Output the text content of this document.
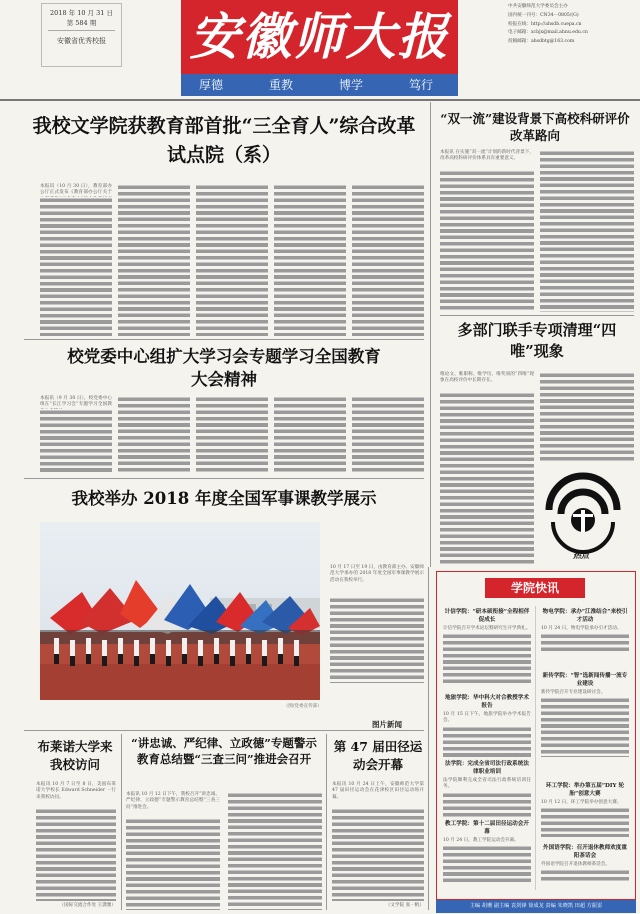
2018 年 10 月 31 日
第 584 期
安徽省优秀校报	安徽师大报
厚德	重教	博学	笃行
中共安徽师范大学委员会主办
国内统一刊号：CN34－0805/(G)
校报在线：http://ahsdb.cuepa.cn
电子邮箱：xcbjx@mail.ahnu.edu.cn
投稿邮箱：ahsdbtg@163.com
我校文学院获教育部首批“三全育人”综合改革试点院（系）
本报讯（10 月 30 日），教育部办公厅正式发布《教育部办公厅关于
校党委中心组扩大学习会专题学习全国教育大会精神
本报讯（9 月 30 日），校党委中心组在“长江学习会”专题学习全国教
我校举办 2018 年度全国军事课教学展示
（图/党委宣传部）
图片新闻
10 月 17 日至 19 日，由教育部主办、安徽师范大学承办的 2018 年度全国军事课教学展示活动在我校举行。
布莱诺大学来我校访问
本报讯 10 月 7 日至 8 日，美国布莱诺大学校长 Edward Schneider 一行来我校访问。
（国际交流合作处 王潇雅）
“讲忠诚、严纪律、立政德”专题警示教育总结暨“三查三问”推进会召开
本报讯 10 月 12 日下午，我校召开“讲忠诚、严纪律、立政德”专题警示教育总结暨“三查三问”推进会。
第 47 届田径运动会开幕
本报讯 10 月 24 日上午，安徽师范大学第 47 届田径运动会在花津校区田径运动场开幕。
（文学院 张一帆）
“双一流”建设背景下高校科研评价改革路向
本报讯 在实施“双一流”计划的新时代背景下，改革高校科研评价体系具有重要意义。
多部门联手专项清理“四唯”现象
唯论文、唯职称、唯学历、唯奖项的“四唯”现象在高校评价中长期存在。
热点
学院快讯
计信学院：“研本硕衔接”全程相伴促成长
计信学院召开学术论坛暨研究生开学典礼。
地旅学院：华中科大对合教授学术报告
10 月 15 日下午，地旅学院举办学术报告会。
法学院：完成全省司法行政系统法律职业培训
法学院顺利完成全省司法行政系统培训任务。
教工学院：第十二届田径运动会开幕
10 月 24 日，教工学院运动会开幕。
物电学院：承办“江淮结合”来校引才活动
10 月 24 日，物电学院承办引才活动。
新传学院：“智”选新闻传播一流专业建设
新传学院召开专业建设研讨会。
环工学院：举办第五届“DIY 轮胎”创意大赛
10 月 12 日，环工学院举办创意大赛。
外国语学院：召开退休教师欢度重阳茶话会
外国语学院召开退休教师茶话会。
主编 胡珊 副主编 袁剑锋 徐成龙 责编 朱晓凯 田超 方振雷
